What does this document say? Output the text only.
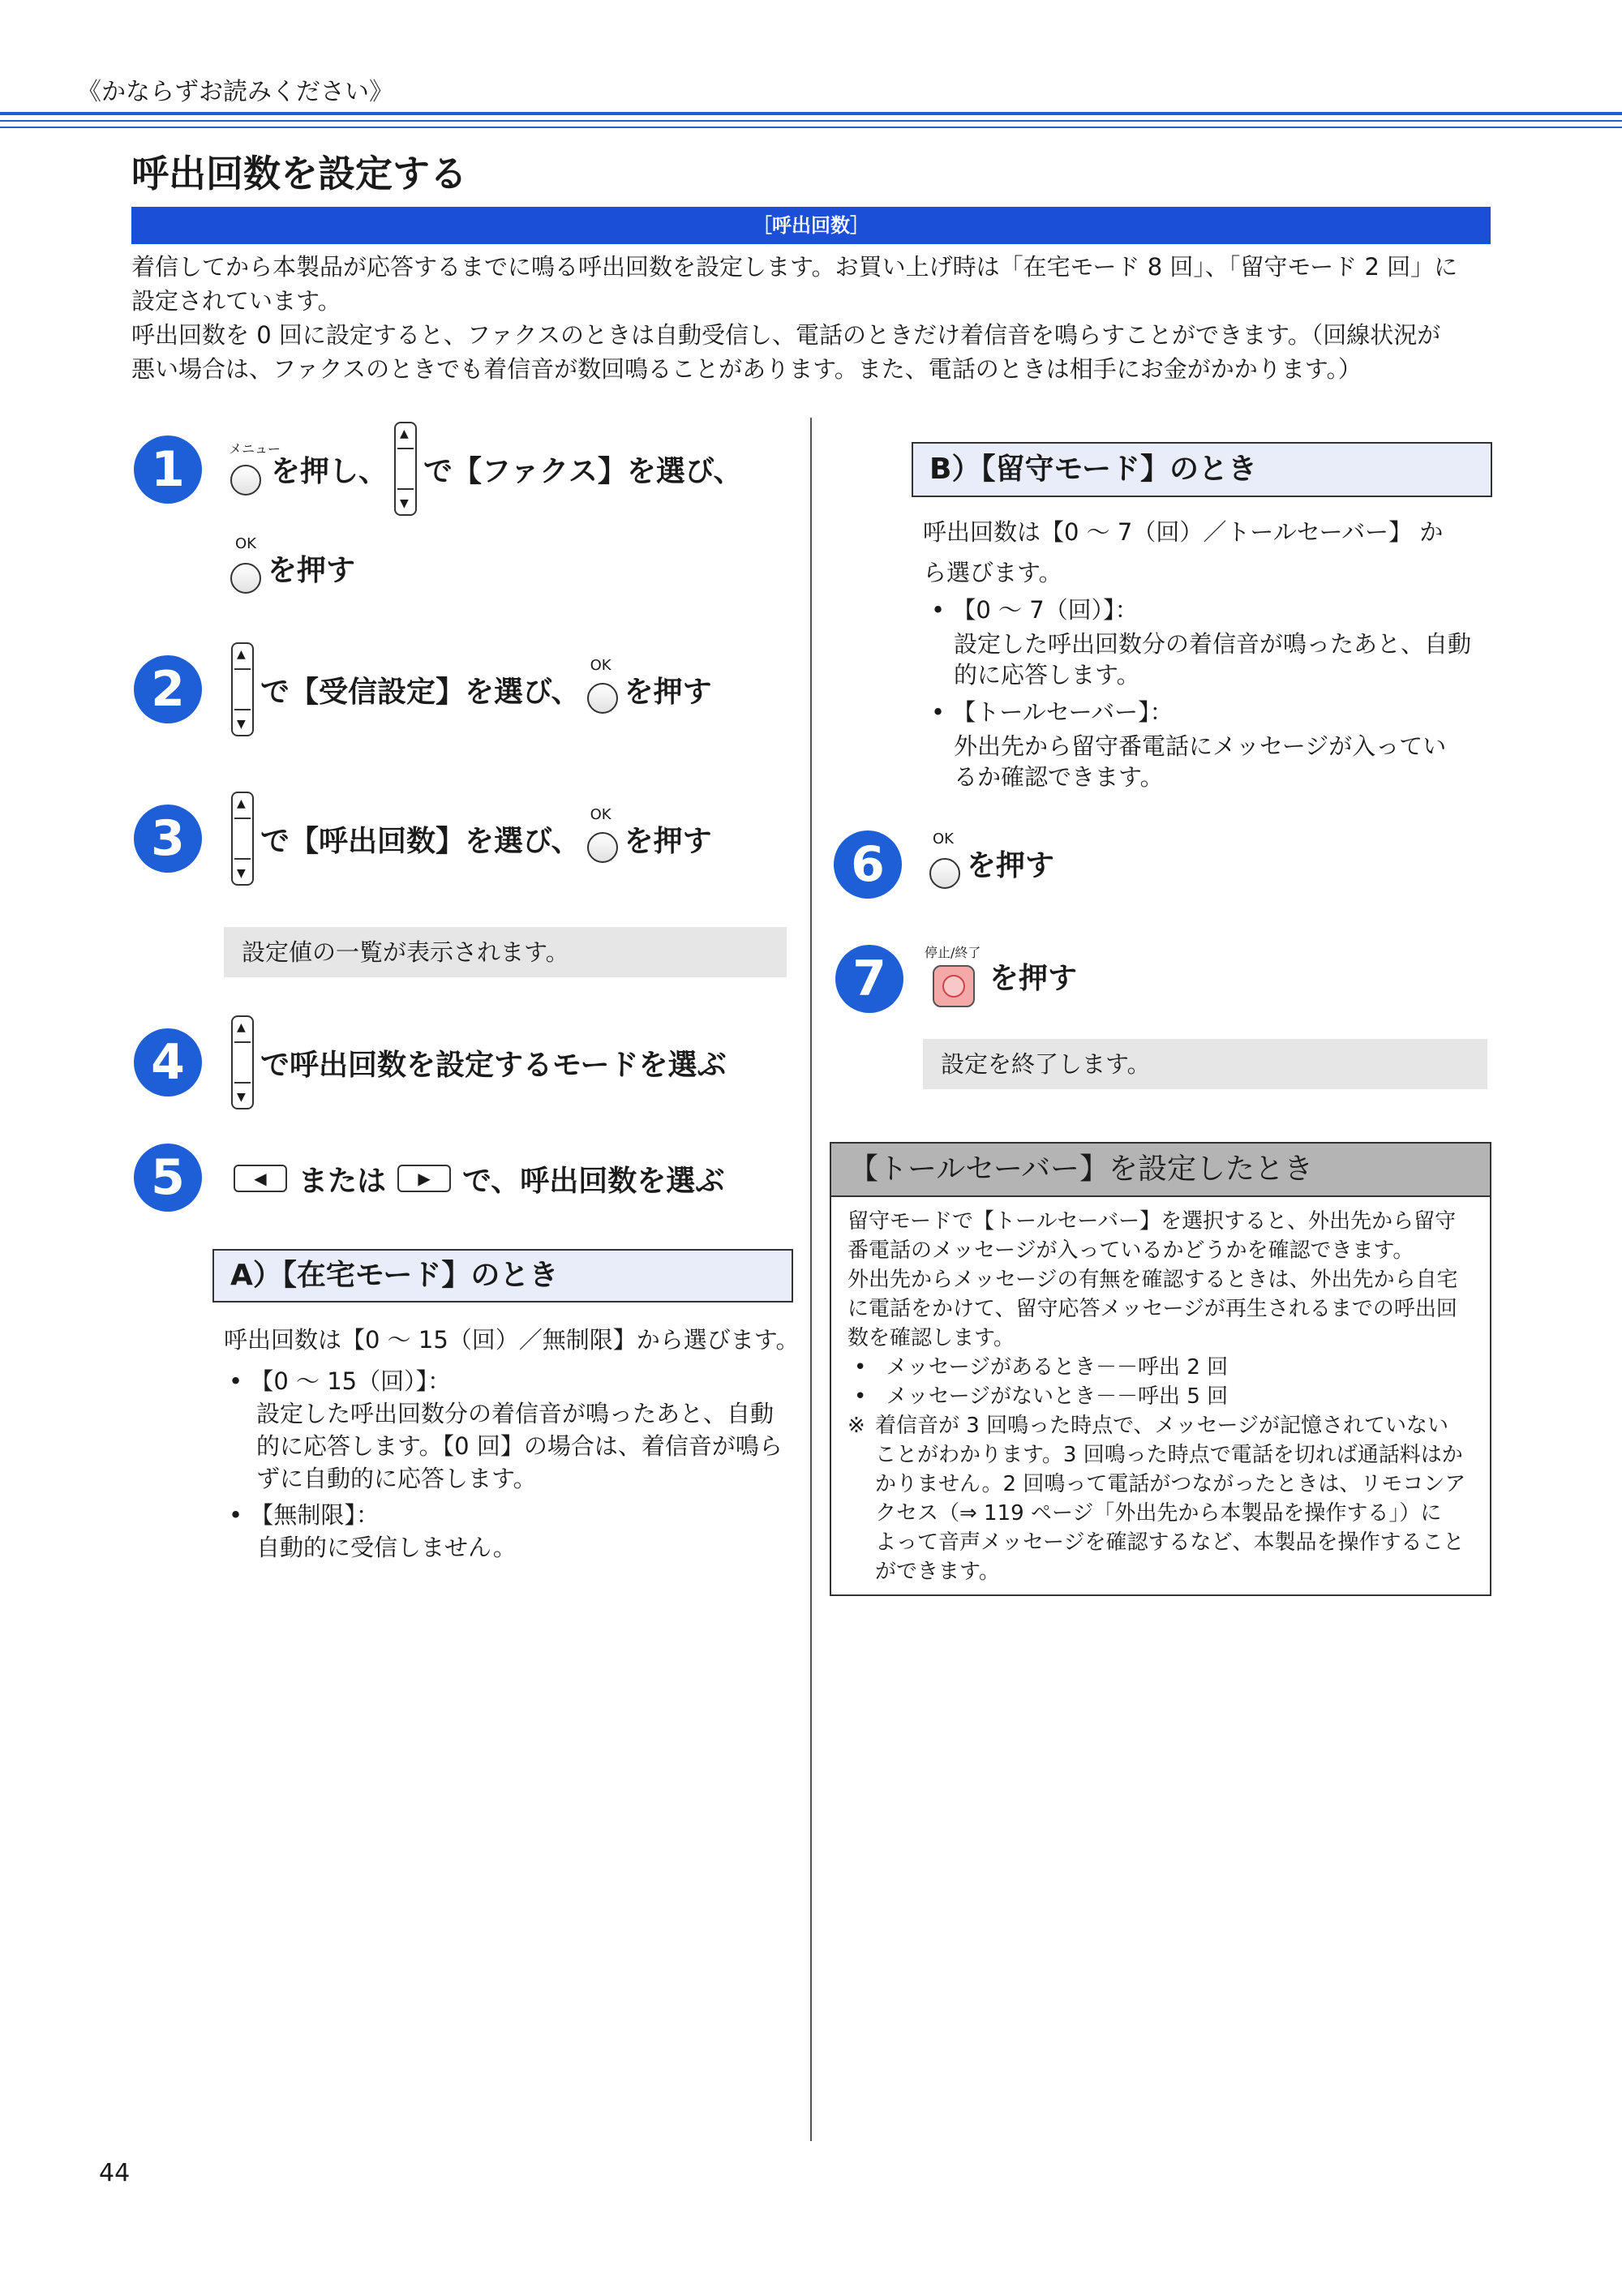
《かならずお読みください》
呼出回数を設定する
［呼出回数］
着信してから本製品が応答するまでに鳴る呼出回数を設定します。お買い上げ時は「在宅モード 8 回」、「留守モード 2 回」に
設定されています。
呼出回数を 0 回に設定すると、ファクスのときは自動受信し、電話のときだけ着信音を鳴らすことができます。（回線状況が
悪い場合は、ファクスのときでも着信音が数回鳴ることがあります。また、電話のときは相手にお金がかかります。）
1	メニュー
を押し、
▲
▼
で【ファクス】を選び、
OK
を押す
2
▲
▼
で【受信設定】を選び、
OK
を押す
3
▲
▼
で【呼出回数】を選び、
OK
を押す
設定値の一覧が表示されます。
4
▲
▼
で呼出回数を設定するモードを選ぶ
5	◀	または	▶	で、呼出回数を選ぶ
A）【在宅モード】のとき
呼出回数は【0 ～ 15（回）／無制限】から選びます。
• 【0 ～ 15（回）】：
設定した呼出回数分の着信音が鳴ったあと、自動
的に応答します。【0 回】の場合は、着信音が鳴ら
ずに自動的に応答します。
• 【無制限】：
自動的に受信しません。
B）【留守モード】のとき
呼出回数は【0 ～ 7（回）／トールセーバー】 か
ら選びます。
• 【0 ～ 7（回）】：
設定した呼出回数分の着信音が鳴ったあと、自動
的に応答します。
• 【トールセーバー】：
外出先から留守番電話にメッセージが入ってい
るか確認できます。
6	OK
を押す
7	停止/終了
を押す
設定を終了します。
【トールセーバー】を設定したとき
留守モードで【トールセーバー】を選択すると、外出先から留守
番電話のメッセージが入っているかどうかを確認できます。
外出先からメッセージの有無を確認するときは、外出先から自宅
に電話をかけて、留守応答メッセージが再生されるまでの呼出回
数を確認します。
• メッセージがあるとき－－呼出 2 回
• メッセージがないとき－－呼出 5 回
※ 着信音が 3 回鳴った時点で、メッセージが記憶されていない
ことがわかります。3 回鳴った時点で電話を切れば通話料はか
かりません。2 回鳴って電話がつながったときは、リモコンア
クセス（⇒ 119 ページ「外出先から本製品を操作する」）に
よって音声メッセージを確認するなど、本製品を操作すること
ができます。
44
